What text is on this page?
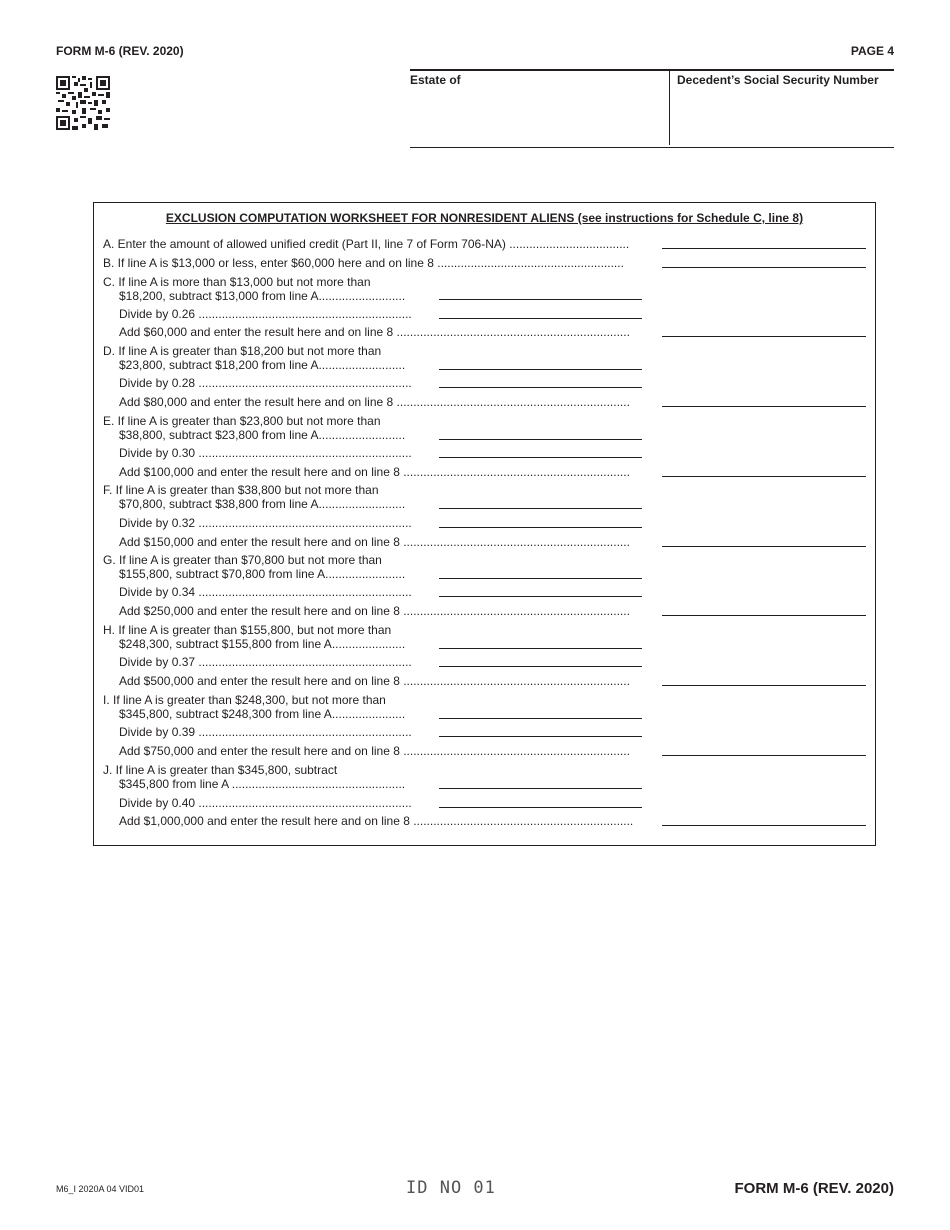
FORM M-6 (REV. 2020)	PAGE 4
Estate of	Decedent’s Social Security Number
EXCLUSION COMPUTATION WORKSHEET FOR NONRESIDENT ALIENS (see instructions for Schedule C, line 8)
A. Enter the amount of allowed unified credit (Part II, line 7 of Form 706-NA) ....................................
B. If line A is $13,000 or less, enter $60,000 here and on line 8 ........................................................
C. If line A is more than $13,000 but not more than
$18,200, subtract $13,000 from line A..........................
Divide by 0.26 ................................................................
Add $60,000 and enter the result here and on line 8 ......................................................................
D. If line A is greater than $18,200 but not more than
$23,800, subtract $18,200 from line A..........................
Divide by 0.28 ................................................................
Add $80,000 and enter the result here and on line 8 ......................................................................
E. If line A is greater than $23,800 but not more than
$38,800, subtract $23,800 from line A..........................
Divide by 0.30 ................................................................
Add $100,000 and enter the result here and on line 8 ....................................................................
F. If line A is greater than $38,800 but not more than
$70,800, subtract $38,800 from line A..........................
Divide by 0.32 ................................................................
Add $150,000 and enter the result here and on line 8 ....................................................................
G. If line A is greater than $70,800 but not more than
$155,800, subtract $70,800 from line A........................
Divide by 0.34 ................................................................
Add $250,000 and enter the result here and on line 8 ....................................................................
H. If line A is greater than $155,800, but not more than
$248,300, subtract $155,800 from line A......................
Divide by 0.37 ................................................................
Add $500,000 and enter the result here and on line 8 ....................................................................
I. If line A is greater than $248,300, but not more than
$345,800, subtract $248,300 from line A......................
Divide by 0.39 ................................................................
Add $750,000 and enter the result here and on line 8 ....................................................................
J. If line A is greater than $345,800, subtract
$345,800 from line A ....................................................
Divide by 0.40 ................................................................
Add $1,000,000 and enter the result here and on line 8 ..................................................................
M6_I 2020A 04 VID01	ID NO 01	FORM M-6 (REV. 2020)
